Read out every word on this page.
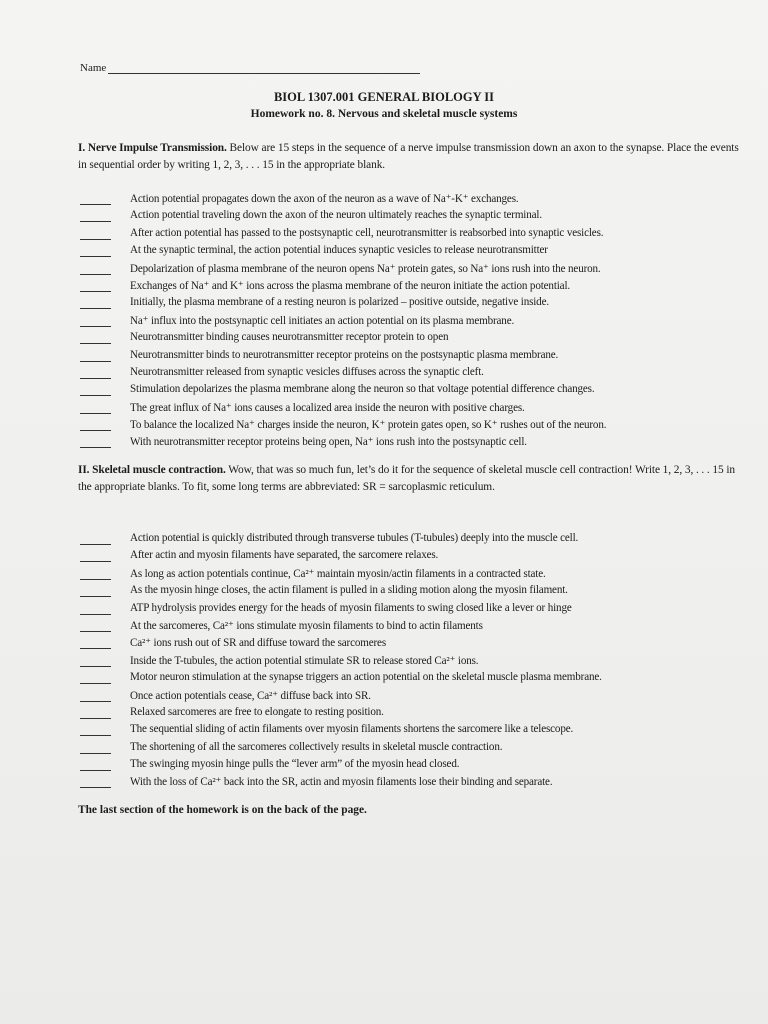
Name
BIOL 1307.001 GENERAL BIOLOGY II
Homework no. 8. Nervous and skeletal muscle systems
I. Nerve Impulse Transmission. Below are 15 steps in the sequence of a nerve impulse transmission down an axon to the synapse. Place the events in sequential order by writing 1, 2, 3, . . . 15 in the appropriate blank.
Action potential propagates down the axon of the neuron as a wave of Na⁺-K⁺ exchanges.
Action potential traveling down the axon of the neuron ultimately reaches the synaptic terminal.
After action potential has passed to the postsynaptic cell, neurotransmitter is reabsorbed into synaptic vesicles.
At the synaptic terminal, the action potential induces synaptic vesicles to release neurotransmitter
Depolarization of plasma membrane of the neuron opens Na⁺ protein gates, so Na⁺ ions rush into the neuron.
Exchanges of Na⁺ and K⁺ ions across the plasma membrane of the neuron initiate the action potential.
Initially, the plasma membrane of a resting neuron is polarized – positive outside, negative inside.
Na⁺ influx into the postsynaptic cell initiates an action potential on its plasma membrane.
Neurotransmitter binding causes neurotransmitter receptor protein to open
Neurotransmitter binds to neurotransmitter receptor proteins on the postsynaptic plasma membrane.
Neurotransmitter released from synaptic vesicles diffuses across the synaptic cleft.
Stimulation depolarizes the plasma membrane along the neuron so that voltage potential difference changes.
The great influx of Na⁺ ions causes a localized area inside the neuron with positive charges.
To balance the localized Na⁺ charges inside the neuron, K⁺ protein gates open, so K⁺ rushes out of the neuron.
With neurotransmitter receptor proteins being open, Na⁺ ions rush into the postsynaptic cell.
II. Skeletal muscle contraction. Wow, that was so much fun, let’s do it for the sequence of skeletal muscle cell contraction! Write 1, 2, 3, . . . 15 in the appropriate blanks. To fit, some long terms are abbreviated: SR = sarcoplasmic reticulum.
Action potential is quickly distributed through transverse tubules (T-tubules) deeply into the muscle cell.
After actin and myosin filaments have separated, the sarcomere relaxes.
As long as action potentials continue, Ca²⁺ maintain myosin/actin filaments in a contracted state.
As the myosin hinge closes, the actin filament is pulled in a sliding motion along the myosin filament.
ATP hydrolysis provides energy for the heads of myosin filaments to swing closed like a lever or hinge
At the sarcomeres, Ca²⁺ ions stimulate myosin filaments to bind to actin filaments
Ca²⁺ ions rush out of SR and diffuse toward the sarcomeres
Inside the T-tubules, the action potential stimulate SR to release stored Ca²⁺ ions.
Motor neuron stimulation at the synapse triggers an action potential on the skeletal muscle plasma membrane.
Once action potentials cease, Ca²⁺ diffuse back into SR.
Relaxed sarcomeres are free to elongate to resting position.
The sequential sliding of actin filaments over myosin filaments shortens the sarcomere like a telescope.
The shortening of all the sarcomeres collectively results in skeletal muscle contraction.
The swinging myosin hinge pulls the “lever arm” of the myosin head closed.
With the loss of Ca²⁺ back into the SR, actin and myosin filaments lose their binding and separate.
The last section of the homework is on the back of the page.
